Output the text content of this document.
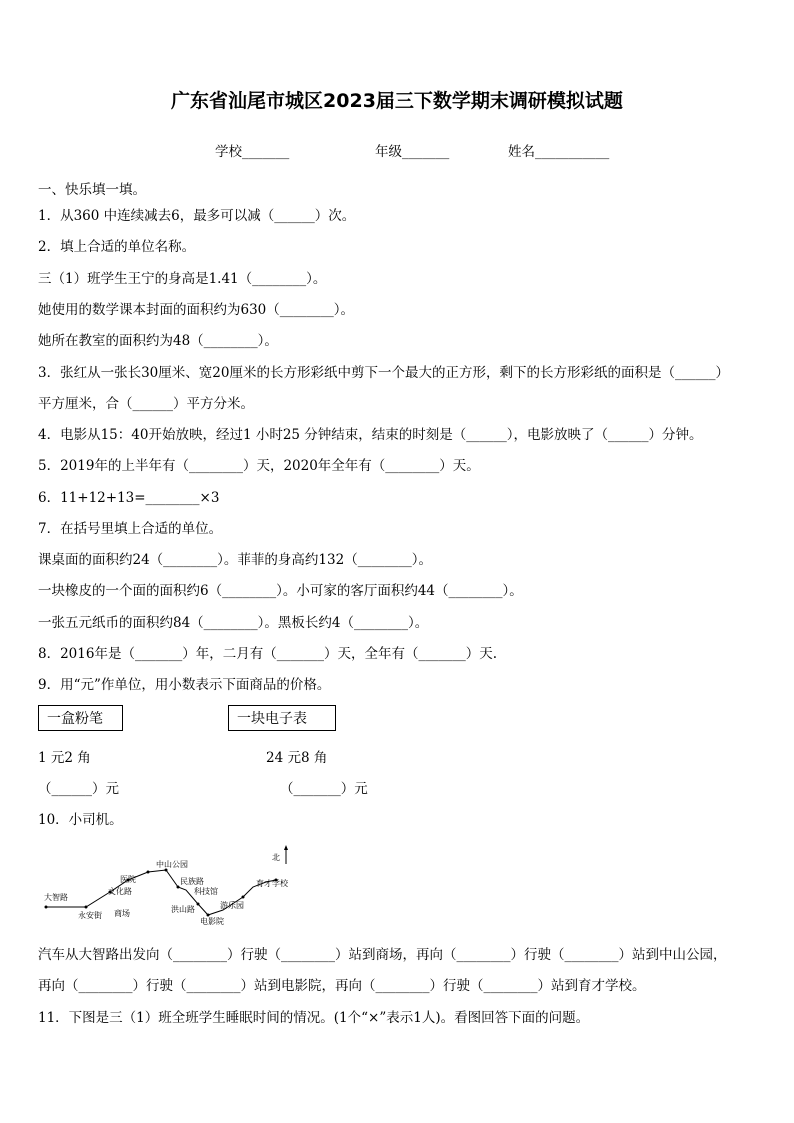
广东省汕尾市城区2023届三下数学期末调研模拟试题
学校_______	年级_______	姓名___________
一、快乐填一填。
1．从360 中连续减去6，最多可以减（______）次。
2．填上合适的单位名称。
三（1）班学生王宁的身高是1.41（________）。
她使用的数学课本封面的面积约为630（________）。
她所在教室的面积约为48（________）。
3．张红从一张长30厘米、宽20厘米的长方形彩纸中剪下一个最大的正方形，剩下的长方形彩纸的面积是（______）
平方厘米，合（______）平方分米。
4．电影从15：40开始放映，经过1 小时25 分钟结束，结束的时刻是（______），电影放映了（______）分钟。
5．2019年的上半年有（________）天，2020年全年有（________）天。
6．11+12+13=________×3
7．在括号里填上合适的单位。
课桌面的面积约24（________）。菲菲的身高约132（________）。
一块橡皮的一个面的面积约6（________）。小可家的客厅面积约44（________）。
一张五元纸币的面积约84（________）。黑板长约4（________）。
8．2016年是（_______）年，二月有（_______）天，全年有（_______）天.
9．用“元”作单位，用小数表示下面商品的价格。
一盒粉笔	一块电子表
1 元2 角	24 元8 角
（______）元	（_______）元
10．小司机。
北
大智路
永安街 商场
文化路
医院
中山公园
民族路
科技馆
洪山路
电影院
游乐园
育才学校
汽车从大智路出发向（________）行驶（________）站到商场，再向（________）行驶（________）站到中山公园，
再向（________）行驶（________）站到电影院，再向（________）行驶（________）站到育才学校。
11．下图是三（1）班全班学生睡眠时间的情况。(1个“×”表示1人)。看图回答下面的问题。
